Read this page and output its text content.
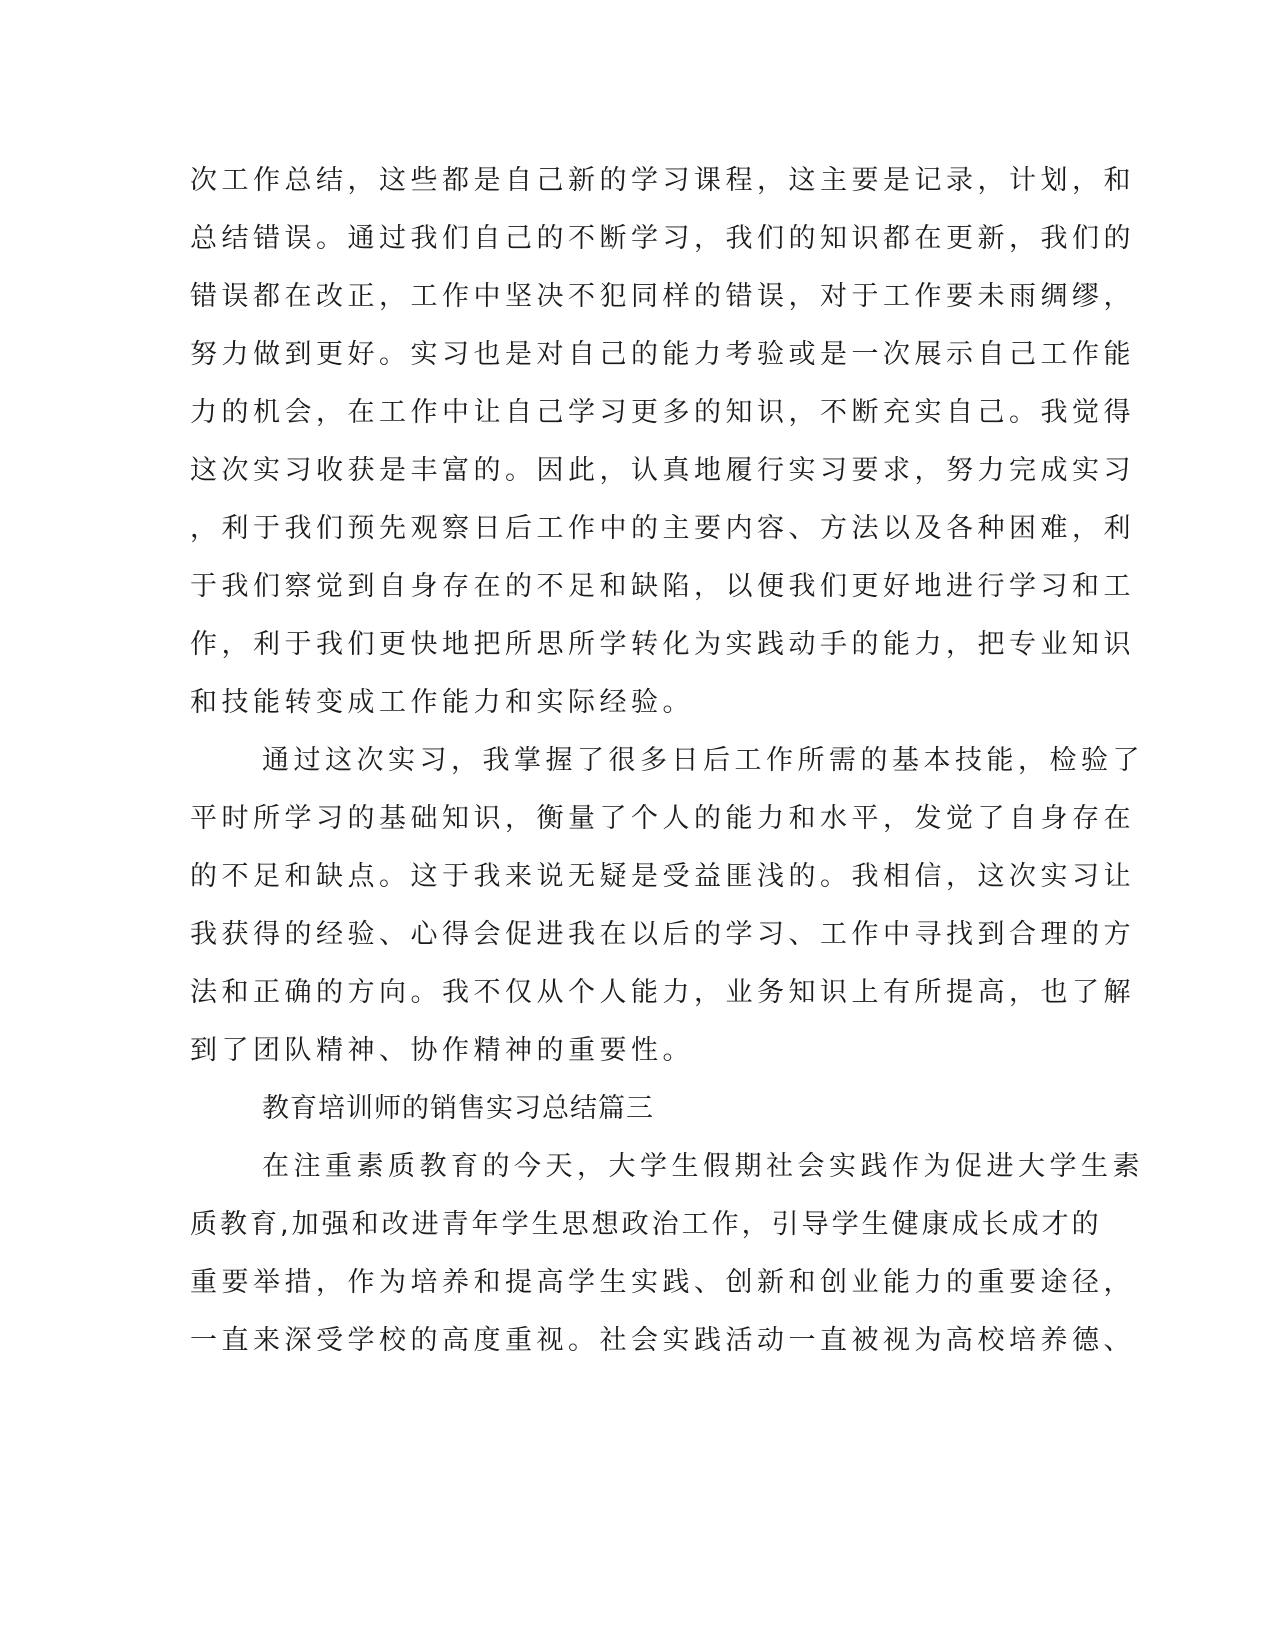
次工作总结，这些都是自己新的学习课程，这主要是记录，计划，和
总结错误。通过我们自己的不断学习，我们的知识都在更新，我们的
错误都在改正，工作中坚决不犯同样的错误，对于工作要未雨绸缪，
努力做到更好。实习也是对自己的能力考验或是一次展示自己工作能
力的机会，在工作中让自己学习更多的知识，不断充实自己。我觉得
这次实习收获是丰富的。因此，认真地履行实习要求，努力完成实习
，利于我们预先观察日后工作中的主要内容、方法以及各种困难，利
于我们察觉到自身存在的不足和缺陷，以便我们更好地进行学习和工
作，利于我们更快地把所思所学转化为实践动手的能力，把专业知识
和技能转变成工作能力和实际经验。
通过这次实习，我掌握了很多日后工作所需的基本技能，检验了
平时所学习的基础知识，衡量了个人的能力和水平，发觉了自身存在
的不足和缺点。这于我来说无疑是受益匪浅的。我相信，这次实习让
我获得的经验、心得会促进我在以后的学习、工作中寻找到合理的方
法和正确的方向。我不仅从个人能力，业务知识上有所提高，也了解
到了团队精神、协作精神的重要性。
教育培训师的销售实习总结篇三
在注重素质教育的今天，大学生假期社会实践作为促进大学生素
质教育,加强和改进青年学生思想政治工作，引导学生健康成长成才的
重要举措，作为培养和提高学生实践、创新和创业能力的重要途径，
一直来深受学校的高度重视。社会实践活动一直被视为高校培养德、
